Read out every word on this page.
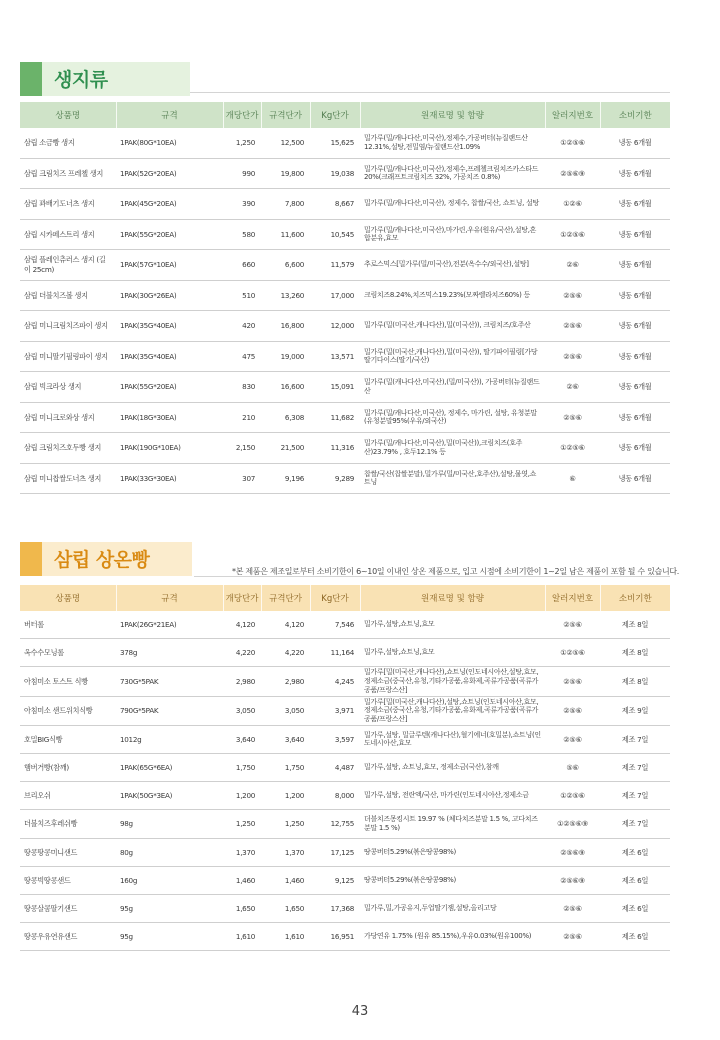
생지류
상품명	규격	개당단가	규격단가	Kg단가	원재료명 및 함량	알러지번호	소비기한
삼립 소금빵 생지	1PAK(80G*10EA)	1,250	12,500	15,625	밀가루(밀/캐나다산,미국산),정제수,가공버터(뉴질랜드산 12.31%,설탕,전밀염/뉴질랜드산1.09%	①②⑤⑥	냉동 6개월
삼립 크림치즈 프레첼 생지	1PAK(52G*20EA)	990	19,800	19,038	밀가루(밀/캐나다산,미국산),정제수,프레첼크림치즈카스타드20%(크래프트크림치즈 32%, 가공치즈 0.8%)	②⑤⑥⑨	냉동 6개월
삼립 꽈배기도너츠 생지	1PAK(45G*20EA)	390	7,800	8,667	밀가루(밀/캐나다산,미국산), 정제수, 찹쌀/국산, 쇼트닝, 설탕	①②⑥	냉동 6개월
삼립 시카페스트리 생지	1PAK(55G*20EA)	580	11,600	10,545	밀가루(밀/캐나다산,미국산),마가린,우유(원유/국산),설탕,혼합분유,효모	①②⑤⑥	냉동 6개월
삼립 플레인츄러스 생지 (길이 25cm)	1PAK(57G*10EA)	660	6,600	11,579	추로스믹스[밀가루(밀/미국산),전분(옥수수/외국산),설탕]	②⑥	냉동 6개월
삼립 더블치즈볼 생지	1PAK(30G*26EA)	510	13,260	17,000	크림치즈8.24%,치즈믹스19.23%(모짜렐라치즈60%) 등	②⑤⑥	냉동 6개월
삼립 미니크림치즈파이 생지	1PAK(35G*40EA)	420	16,800	12,000	밀가루(밀(미국산,캐나다산),밀(미국산)), 크림치즈/호주산	②⑤⑥	냉동 6개월
삼립 미니딸기필링파이 생지	1PAK(35G*40EA)	475	19,000	13,571	밀가루(밀(미국산,캐나다산),밀(미국산)), 딸기파이필링[가당딸기다이스(딸기/국산)	②⑤⑥	냉동 6개월
삼립 빅크라상 생지	1PAK(55G*20EA)	830	16,600	15,091	밀가루(밀(캐나다산,미국산),(밀/미국산)), 가공버터(뉴질랜드산	②⑥	냉동 6개월
삼립 미니크로와상 생지	1PAK(18G*30EA)	210	6,308	11,682	밀가루(밀/캐나다산,미국산), 정제수, 마가린, 설탕, 유청분말(유청분말95%(우유/외국산)	②⑤⑥	냉동 6개월
삼립 크림치즈호두빵 생지	1PAK(190G*10EA)	2,150	21,500	11,316	밀가루(밀/캐나다산,미국산),밀(미국산)),크림치즈(호주산)23.79% , 호두12.1% 등	①②⑤⑥	냉동 6개월
삼립 미니찹쌀도너츠 생지	1PAK(33G*30EA)	307	9,196	9,289	찹쌀/국산(찹쌀분말),밀가루(밀/미국산,호주산),설탕,물엿,쇼트닝	⑥	냉동 6개월
삼립 상온빵
*본 제품은 제조일로부터 소비기한이 6~10일 이내인 상온 제품으로, 입고 시점에 소비기한이 1~2일 남은 제품이 포함 될 수 있습니다.
상품명	규격	개당단가	규격단가	Kg단가	원재료명 및 함량	알러지번호	소비기한
버터롤	1PAK(26G*21EA)	4,120	4,120	7,546	밀가루,설탕,쇼트닝,효모	②⑤⑥	제조 8일
옥수수모닝롤	378g	4,220	4,220	11,164	밀가루,설탕,쇼트닝,효모	①②⑤⑥	제조 8일
아침미소 토스트 식빵	730G*5PAK	2,980	2,980	4,245	밀가루[밀(미국산,캐나다산),쇼트닝(인도네시아산,설탕,효모,정제소금(중국산,유청,기타가공품,유화제,곡류가공품(곡류가공품/프랑스산]	②⑤⑥	제조 8일
아침미소 샌드위치식빵	790G*5PAK	3,050	3,050	3,971	밀가루[밀(미국산,캐나다산),설탕,쇼트닝(인도네시아산,효모,정제소금(중국산,유청,기타가공품,유화제,곡류가공품(곡류가공품/프랑스산]	②⑤⑥	제조 9일
호밀BIG식빵	1012g	3,640	3,640	3,597	밀가루,설탕, 밀글루텐(캐나다산),혈기에너(호밀분),쇼트닝(인도네시아산,효모	②⑤⑥	제조 7일
햄버거빵(참깨)	1PAK(65G*6EA)	1,750	1,750	4,487	밀가루,설탕, 쇼트닝,효모, 정제소금(국산),참깨	⑤⑥	제조 7일
브리오쉬	1PAK(50G*3EA)	1,200	1,200	8,000	밀가루,설탕, 전란액/국산, 마가린(인도네시아산,정제소금	①②⑤⑥	제조 7일
더블치즈후레쉬빵	98g	1,250	1,250	12,755	더블치즈몽킹시트 19.97 % (체다치즈분말 1.5 %, 고다치즈분말 1.5 %)	①②⑤⑥⑨	제조 7일
땅콩땅콩미니샌드	80g	1,370	1,370	17,125	땅콩버터5.29%(볶은땅콩98%)	②⑤⑥⑨	제조 6일
땅콩빅땅콩샌드	160g	1,460	1,460	9,125	땅콩버터5.29%(볶은땅콩98%)	②⑤⑥⑨	제조 6일
땅콩살콤딸기샌드	95g	1,650	1,650	17,368	밀가루,밀,가공유지,두업딸기잼,설탕,올리고당	②⑤⑥	제조 6일
땅콩우유연유샌드	95g	1,610	1,610	16,951	가당연유 1.75% (원유 85.15%),우유0.03%(원유100%)	②⑤⑥	제조 6일
43
